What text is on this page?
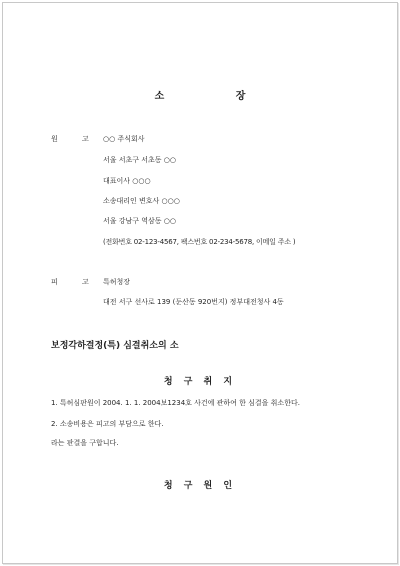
소 장
원 고 ○○ 주식회사
서울 서초구 서초동 ○○
대표이사 ○○○
소송대리인 변호사 ○○○
서울 강남구 역삼동 ○○
(전화번호 02-123-4567, 팩스번호 02-234-5678, 이메일 주소 )
피 고 특허청장
대전 서구 선사로 139 (둔산동 920번지) 정부대전청사 4동
보정각하결정(특) 심결취소의 소
청 구 취 지
1. 특허심판원이 2004. 1. 1. 2004보1234호 사건에 관하여 한 심결을 취소한다.
2. 소송비용은 피고의 부담으로 한다.
라는 판결을 구합니다.
청 구 원 인
